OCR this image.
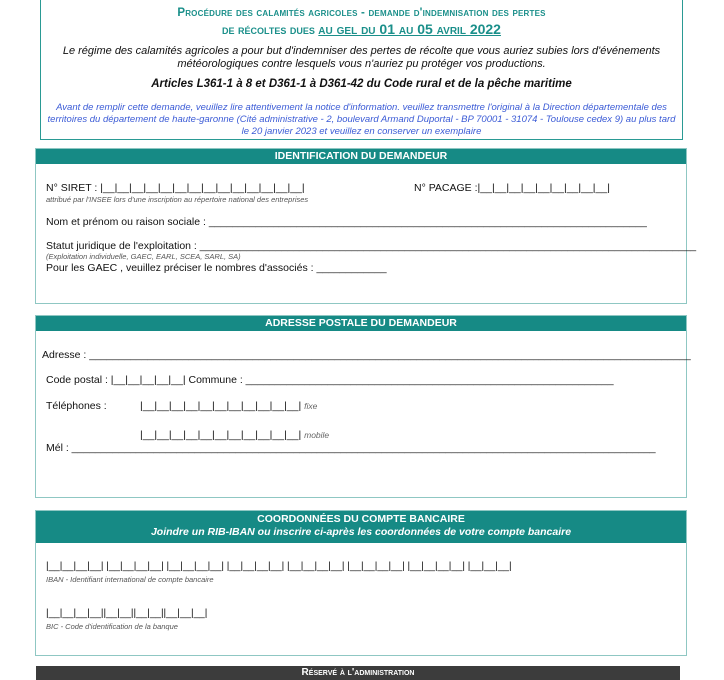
Procédure des calamités agricoles - demande d'indemnisation des pertes
de récoltes dues au gel du 01 au 05 avril 2022
Le régime des calamités agricoles a pour but d'indemniser des pertes de récolte que vous auriez subies lors d'événements météorologiques contre lesquels vous n'auriez pu protéger vos productions.
Articles L361-1 à 8 et D361-1 à D361-42 du Code rural et de la pêche maritime
Avant de remplir cette demande, veuillez lire attentivement la notice d'information. veuillez transmettre l'original à la Direction départementale des territoires du département de haute-garonne (Cité administrative - 2, boulevard Armand Duportal - BP 70001 - 31074 - Toulouse cedex 9) au plus tard le 20 janvier 2023 et veuillez en conserver un exemplaire
IDENTIFICATION DU DEMANDEUR
N° SIRET : |__|__|__|__|__|__|__|__|__|__|__|__|__|__|
attribué par l'INSEE lors d'une inscription au répertoire national des entreprises
N° PACAGE :|__|__|__|__|__|__|__|__|__|
Nom et prénom ou raison sociale : ___________________________________________________________________________
Statut juridique de l'exploitation : _____________________________________________________________________________________
(Exploitation individuelle, GAEC, EARL, SCEA, SARL, SA)
Pour les GAEC , veuillez préciser le nombres d'associés : ____________
ADRESSE POSTALE DU DEMANDEUR
Adresse : _______________________________________________________________________________________________________
Code postal : |__|__|__|__|__| Commune : _______________________________________________________________
Téléphones :	|__|__|__|__|__|__|__|__|__|__|__| fixe
|__|__|__|__|__|__|__|__|__|__|__| mobile
Mél : ____________________________________________________________________________________________________
COORDONNÉES DU COMPTE BANCAIRE
Joindre un RIB-IBAN ou inscrire ci-après les coordonnées de votre compte bancaire
|__|__|__|__| |__|__|__|__| |__|__|__|__| |__|__|__|__| |__|__|__|__| |__|__|__|__| |__|__|__|__| |__|__|__|
IBAN - Identifiant international de compte bancaire
|__|__|__|__||__|__||__|__||__|__|__|
BIC - Code d'identification de la banque
Réservé à l'administration
